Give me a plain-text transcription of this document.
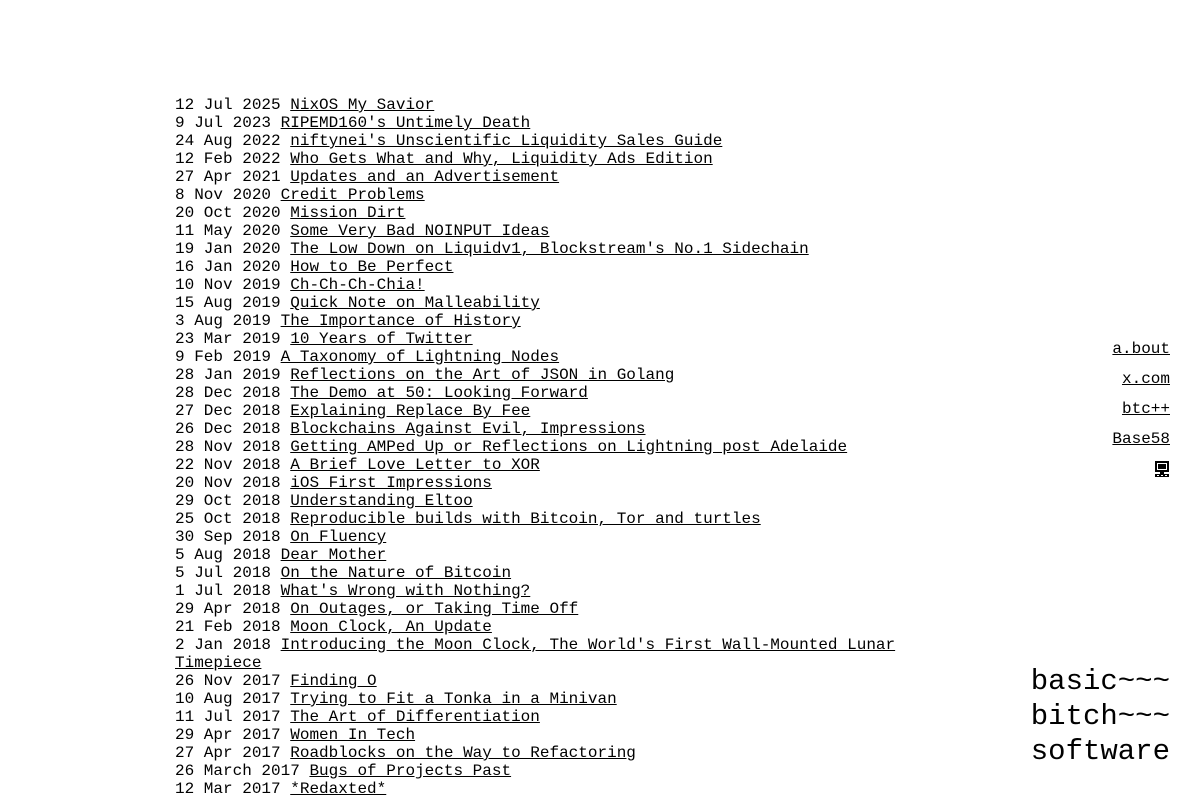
12 Jul 2025 NixOS My Savior
9 Jul 2023 RIPEMD160's Untimely Death
24 Aug 2022 niftynei's Unscientific Liquidity Sales Guide
12 Feb 2022 Who Gets What and Why, Liquidity Ads Edition
27 Apr 2021 Updates and an Advertisement
8 Nov 2020 Credit Problems
20 Oct 2020 Mission Dirt
11 May 2020 Some Very Bad NOINPUT Ideas
19 Jan 2020 The Low Down on Liquidv1, Blockstream's No.1 Sidechain
16 Jan 2020 How to Be Perfect
10 Nov 2019 Ch-Ch-Ch-Chia!
15 Aug 2019 Quick Note on Malleability
3 Aug 2019 The Importance of History
23 Mar 2019 10 Years of Twitter
9 Feb 2019 A Taxonomy of Lightning Nodes
28 Jan 2019 Reflections on the Art of JSON in Golang
28 Dec 2018 The Demo at 50: Looking Forward
27 Dec 2018 Explaining Replace By Fee
26 Dec 2018 Blockchains Against Evil, Impressions
28 Nov 2018 Getting AMPed Up or Reflections on Lightning post Adelaide
22 Nov 2018 A Brief Love Letter to XOR
20 Nov 2018 iOS First Impressions
29 Oct 2018 Understanding Eltoo
25 Oct 2018 Reproducible builds with Bitcoin, Tor and turtles
30 Sep 2018 On Fluency
5 Aug 2018 Dear Mother
5 Jul 2018 On the Nature of Bitcoin
1 Jul 2018 What's Wrong with Nothing?
29 Apr 2018 On Outages, or Taking Time Off
21 Feb 2018 Moon Clock, An Update
2 Jan 2018 Introducing the Moon Clock, The World's First Wall-Mounted Lunar Timepiece
26 Nov 2017 Finding O
10 Aug 2017 Trying to Fit a Tonka in a Minivan
11 Jul 2017 The Art of Differentiation
29 Apr 2017 Women In Tech
27 Apr 2017 Roadblocks on the Way to Refactoring
26 March 2017 Bugs of Projects Past
12 Mar 2017 *Redaxted*
a.bout
x.com
btc++
Base58
basic~~~
bitch~~~
software
